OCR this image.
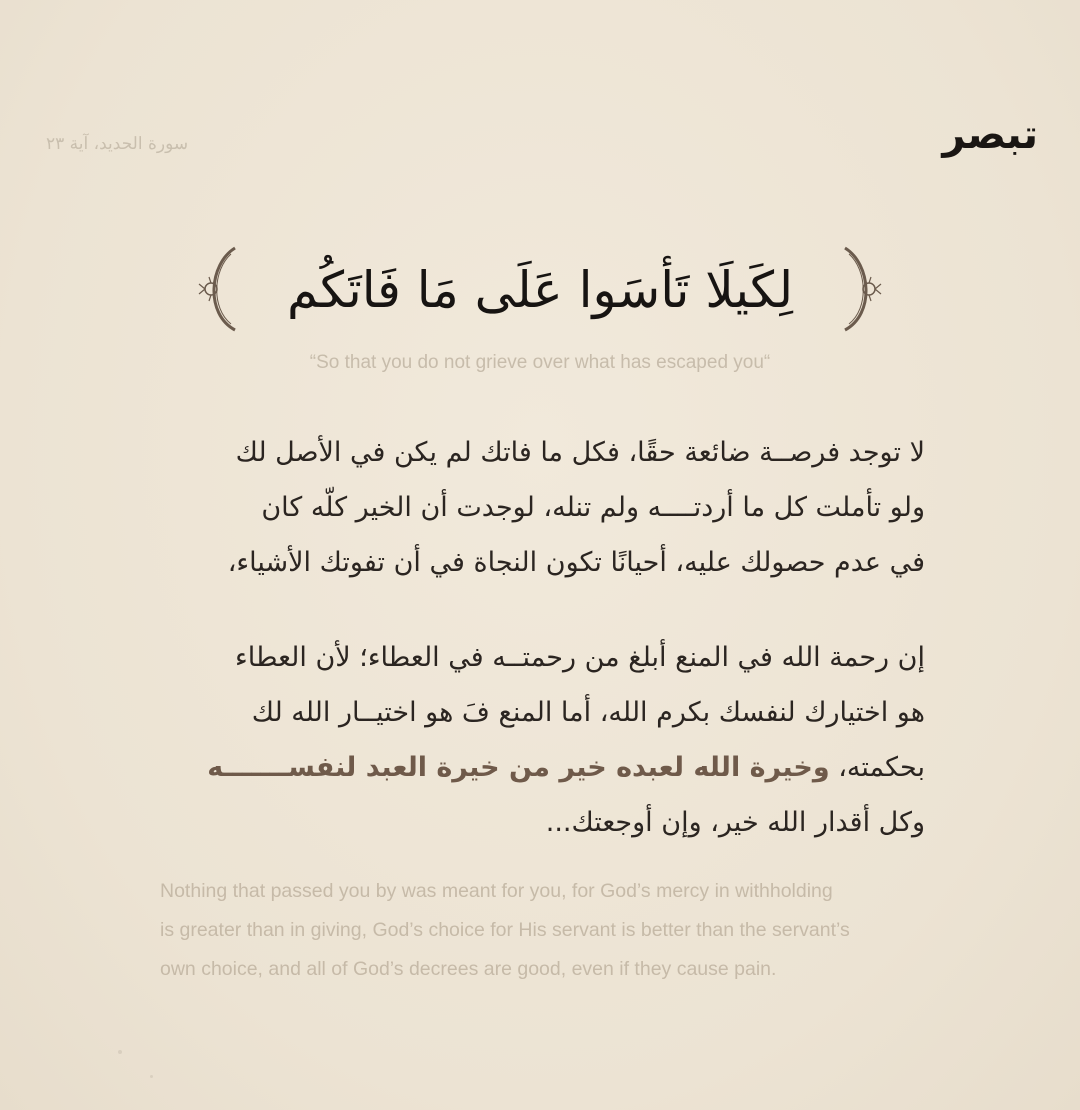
سورة الحديد، آية ٢٣	تبصر
لِكَيلَا تَأسَوا عَلَى مَا فَاتَكُم
“So that you do not grieve over what has escaped you“
لا توجد فرصــة ضائعة حقًا، فكل ما فاتك لم يكن في الأصل لك
ولو تأملت كل ما أردتــــه ولم تنله، لوجدت أن الخير كلّه كان
في عدم حصولك عليه، أحيانًا تكون النجاة في أن تفوتك الأشياء،
إن رحمة الله في المنع أبلغ من رحمتــه في العطاء؛ لأن العطاء
هو اختيارك لنفسك بكرم الله، أما المنع فَ هو اختيــار الله لك
بحكمته، وخيرة الله لعبده خير من خيرة العبد لنفســـــــه
وكل أقدار الله خير، وإن أوجعتك...
Nothing that passed you by was meant for you, for God’s mercy in withholding
is greater than in giving, God’s choice for His servant is better than the servant’s
own choice, and all of God’s decrees are good, even if they cause pain.
